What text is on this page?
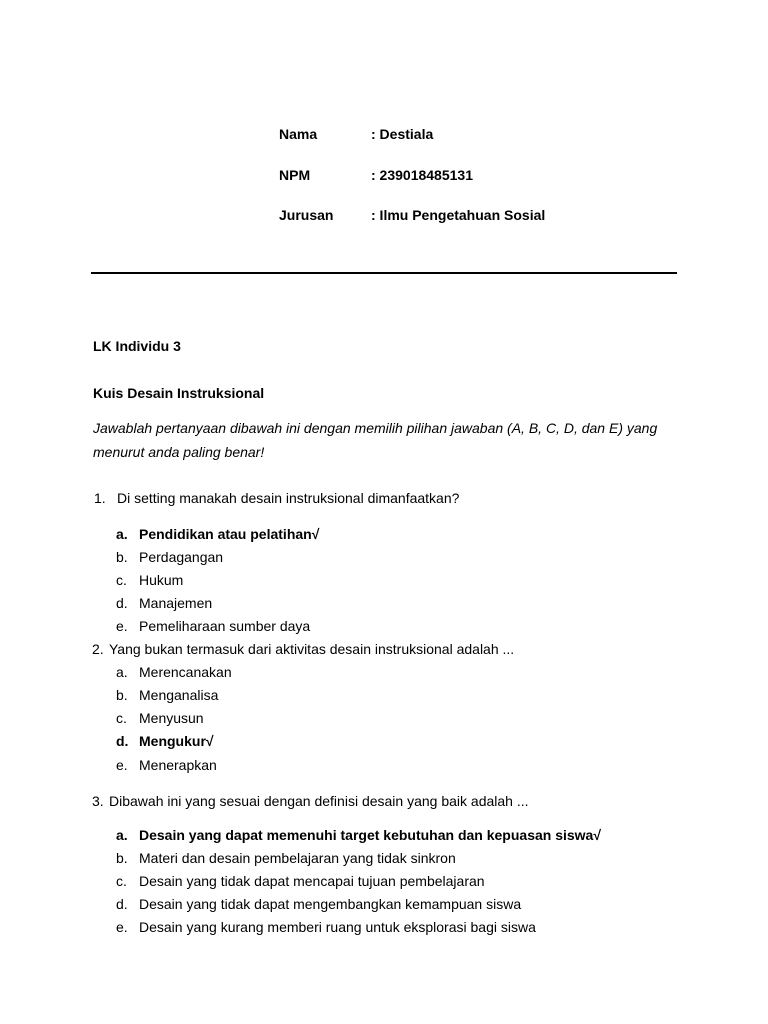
Nama	: Destiala
NPM	: 239018485131
Jurusan	: Ilmu Pengetahuan Sosial
LK Individu 3
Kuis Desain Instruksional
Jawablah pertanyaan dibawah ini dengan memilih pilihan jawaban (A, B, C, D, dan E) yang
menurut anda paling benar!
1. Di setting manakah desain instruksional dimanfaatkan?
a. Pendidikan atau pelatihan√
b. Perdagangan
c. Hukum
d. Manajemen
e. Pemeliharaan sumber daya
2. Yang bukan termasuk dari aktivitas desain instruksional adalah ...
a. Merencanakan
b. Menganalisa
c. Menyusun
d. Mengukur√
e. Menerapkan
3. Dibawah ini yang sesuai dengan definisi desain yang baik adalah ...
a. Desain yang dapat memenuhi target kebutuhan dan kepuasan siswa√
b. Materi dan desain pembelajaran yang tidak sinkron
c. Desain yang tidak dapat mencapai tujuan pembelajaran
d. Desain yang tidak dapat mengembangkan kemampuan siswa
e. Desain yang kurang memberi ruang untuk eksplorasi bagi siswa
